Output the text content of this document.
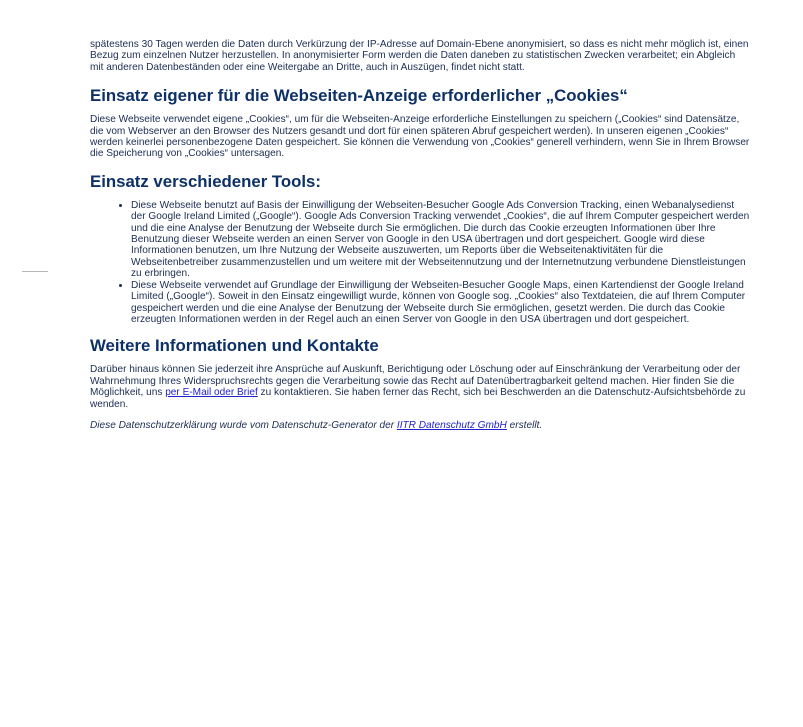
spätestens 30 Tagen werden die Daten durch Verkürzung der IP-Adresse auf Domain-Ebene anonymisiert, so dass es nicht mehr möglich ist, einen Bezug zum einzelnen Nutzer herzustellen. In anonymisierter Form werden die Daten daneben zu statistischen Zwecken verarbeitet; ein Abgleich mit anderen Datenbeständen oder eine Weitergabe an Dritte, auch in Auszügen, findet nicht statt.

Einsatz eigener für die Webseiten-Anzeige erforderlicher „Cookies“

Diese Webseite verwendet eigene „Cookies“, um für die Webseiten-Anzeige erforderliche Einstellungen zu speichern („Cookies“ sind Datensätze, die vom Webserver an den Browser des Nutzers gesandt und dort für einen späteren Abruf gespeichert werden). In unseren eigenen „Cookies“ werden keinerlei personenbezogene Daten gespeichert. Sie können die Verwendung von „Cookies“ generell verhindern, wenn Sie in Ihrem Browser die Speicherung von „Cookies“ untersagen.

Einsatz verschiedener Tools:
• Diese Webseite benutzt auf Basis der Einwilligung der Webseiten-Besucher Google Ads Conversion Tracking, einen Webanalysedienst der Google Ireland Limited („Google“). Google Ads Conversion Tracking verwendet „Cookies“, die auf Ihrem Computer gespeichert werden und die eine Analyse der Benutzung der Webseite durch Sie ermöglichen. Die durch das Cookie erzeugten Informationen über Ihre Benutzung dieser Webseite werden an einen Server von Google in den USA übertragen und dort gespeichert. Google wird diese Informationen benutzen, um Ihre Nutzung der Webseite auszuwerten, um Reports über die Webseitenaktivitäten für die Webseitenbetreiber zusammenzustellen und um weitere mit der Webseitennutzung und der Internetnutzung verbundene Dienstleistungen zu erbringen.
• Diese Webseite verwendet auf Grundlage der Einwilligung der Webseiten-Besucher Google Maps, einen Kartendienst der Google Ireland Limited („Google“). Soweit in den Einsatz eingewilligt wurde, können von Google sog. „Cookies“ also Textdateien, die auf Ihrem Computer gespeichert werden und die eine Analyse der Benutzung der Webseite durch Sie ermöglichen, gesetzt werden. Die durch das Cookie erzeugten Informationen werden in der Regel auch an einen Server von Google in den USA übertragen und dort gespeichert.
Weitere Informationen und Kontakte

Darüber hinaus können Sie jederzeit ihre Ansprüche auf Auskunft, Berichtigung oder Löschung oder auf Einschränkung der Verarbeitung oder der Wahrnehmung Ihres Widerspruchsrechts gegen die Verarbeitung sowie das Recht auf Datenübertragbarkeit geltend machen. Hier finden Sie die Möglichkeit, uns per E-Mail oder Brief zu kontaktieren. Sie haben ferner das Recht, sich bei Beschwerden an die Datenschutz-Aufsichtsbehörde zu wenden.

Diese Datenschutzerklärung wurde vom Datenschutz-Generator der IITR Datenschutz GmbH erstellt.
